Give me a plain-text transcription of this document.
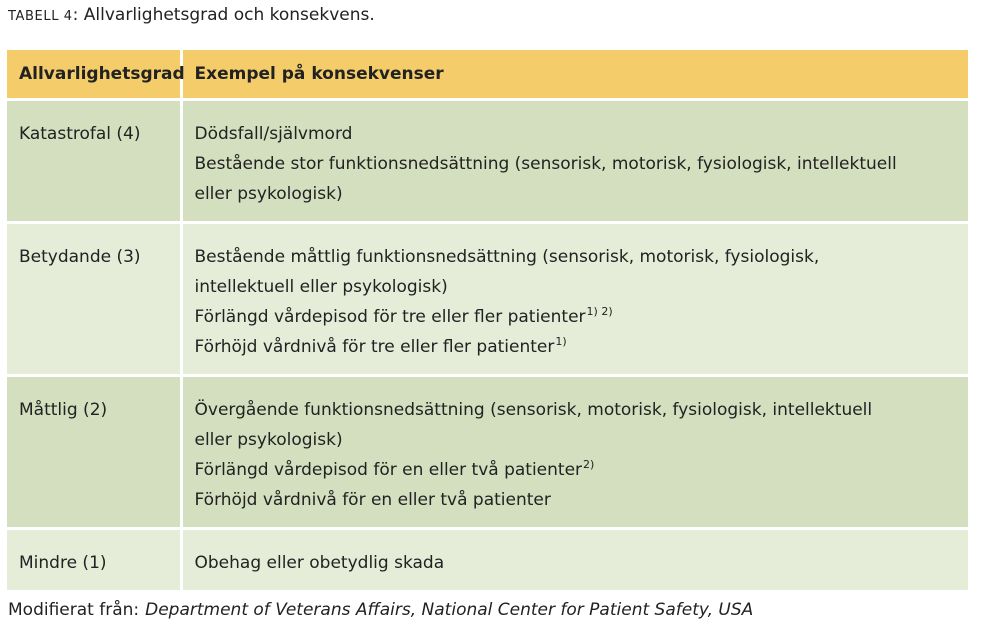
TABELL 4: Allvarlighetsgrad och konsekvens.
Allvarlighetsgrad	Exempel på konsekvenser
Katastrofal (4)	Dödsfall/självmord
Bestående stor funktionsnedsättning (sensorisk, motorisk, fysiologisk, intellektuell eller psykologisk)

Betydande (3)	Bestående måttlig funktionsnedsättning (sensorisk, motorisk, fysiologisk, intellektuell eller psykologisk)
Förlängd vårdepisod för tre eller fler patienter$^{1) 2)}$
Förhöjd vårdnivå för tre eller fler patienter$^{1)}$

Måttlig (2)	Övergående funktionsnedsättning (sensorisk, motorisk, fysiologisk, intellektuell eller psykologisk)
Förlängd vårdepisod för en eller två patienter$^{2)}$
Förhöjd vårdnivå för en eller två patienter

Mindre (1)	Obehag eller obetydlig skada
Modifierat från: Department of Veterans Affairs, National Center for Patient Safety, USA
